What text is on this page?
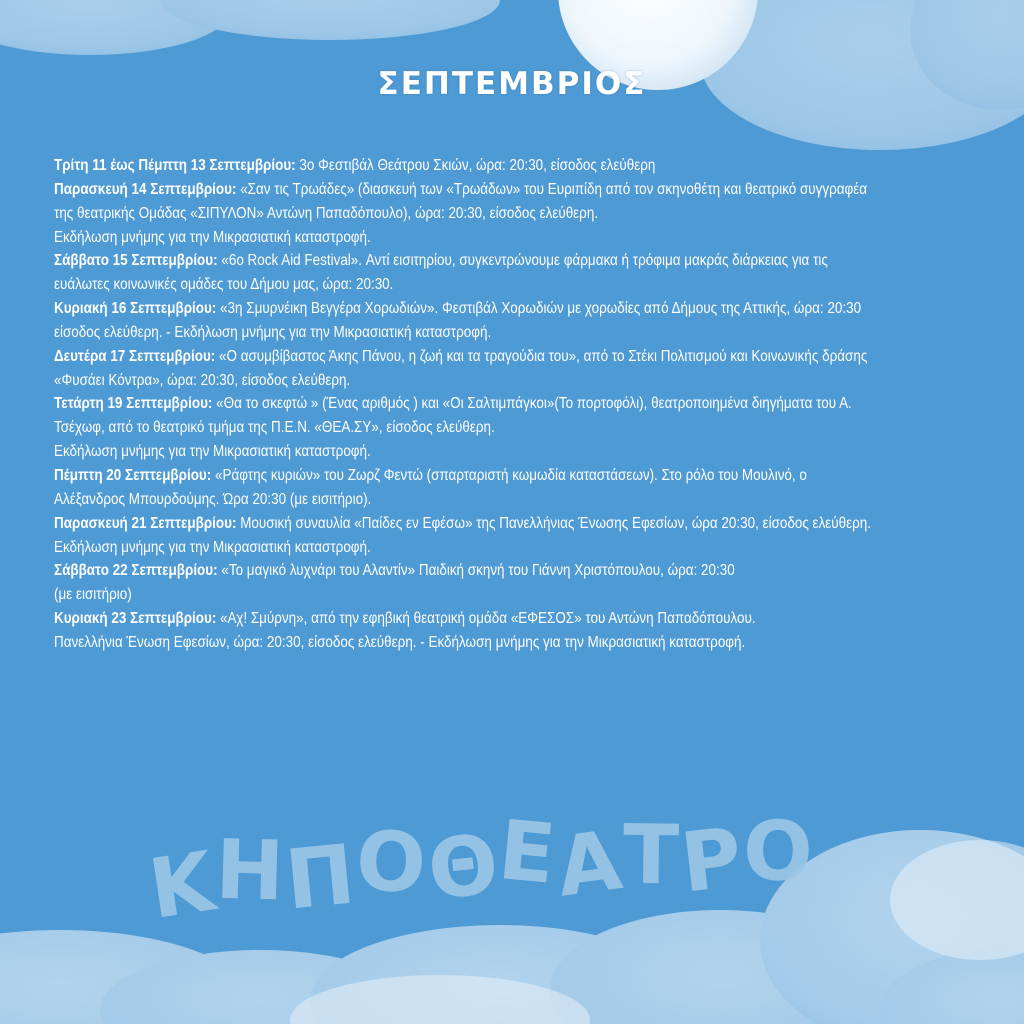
ΣΕΠΤΕΜΒΡΙΟΣ

Τρίτη 11 έως Πέμπτη 13 Σεπτεμβρίου: 3ο Φεστιβάλ Θεάτρου Σκιών, ώρα: 20:30, είσοδος ελεύθερη

Παρασκευή 14 Σεπτεμβρίου: «Σαν τις Τρωάδες» (διασκευή των «Τρωάδων» του Ευριπίδη από τον σκηνοθέτη και θεατρικό συγγραφέα της θεατρικής Ομάδας «ΣΙΠΥΛΟΝ» Αντώνη Παπαδόπουλο), ώρα: 20:30, είσοδος ελεύθερη.
Εκδήλωση μνήμης για την Μικρασιατική καταστροφή.

Σάββατο 15 Σεπτεμβρίου: «6ο Rock Aid Festival». Αντί εισιτηρίου, συγκεντρώνουμε φάρμακα ή τρόφιμα μακράς διάρκειας για τις ευάλωτες κοινωνικές ομάδες του Δήμου μας, ώρα: 20:30.

Κυριακή 16 Σεπτεμβρίου: «3η Σμυρνέικη Βεγγέρα Χορωδιών». Φεστιβάλ Χορωδιών με χορωδίες από Δήμους της Αττικής, ώρα: 20:30 είσοδος ελεύθερη. - Εκδήλωση μνήμης για την Μικρασιατική καταστροφή.

Δευτέρα 17 Σεπτεμβρίου: «Ο ασυμβίβαστος Άκης Πάνου, η ζωή και τα τραγούδια του», από το Στέκι Πολιτισμού και Κοινωνικής δράσης «Φυσάει Κόντρα», ώρα: 20:30, είσοδος ελεύθερη.

Τετάρτη 19 Σεπτεμβρίου: «Θα το σκεφτώ » (Ένας αριθμός ) και «Οι Σαλτιμπάγκοι»(Το πορτοφόλι), θεατροποιημένα διηγήματα του Α. Τσέχωφ, από το θεατρικό τμήμα της Π.Ε.Ν. «ΘΕΑ.ΣΥ», είσοδος ελεύθερη.
Εκδήλωση μνήμης για την Μικρασιατική καταστροφή.

Πέμπτη 20 Σεπτεμβρίου: «Ράφτης κυριών» του Ζωρζ Φεντώ (σπαρταριστή κωμωδία καταστάσεων). Στο ρόλο του Μουλινό, ο Αλέξανδρος Μπουρδούμης. Ώρα 20:30 (με εισιτήριο).

Παρασκευή 21 Σεπτεμβρίου: Μουσική συναυλία «Παίδες εν Εφέσω» της Πανελλήνιας Ένωσης Εφεσίων, ώρα 20:30, είσοδος ελεύθερη. Εκδήλωση μνήμης για την Μικρασιατική καταστροφή.

Σάββατο 22 Σεπτεμβρίου: «Το μαγικό λυχνάρι του Αλαντίν» Παιδική σκηνή του Γιάννη Χριστόπουλου, ώρα: 20:30
(με εισιτήριο)

Κυριακή 23 Σεπτεμβρίου: «Αχ! Σμύρνη», από την εφηβική θεατρική ομάδα «ΕΦΕΣΟΣ» του Αντώνη Παπαδόπουλου.
Πανελλήνια Ένωση Εφεσίων, ώρα: 20:30, είσοδος ελεύθερη. - Εκδήλωση μνήμης για την Μικρασιατική καταστροφή.

ΚΗΠΟΘΕΑΤΡΟ
